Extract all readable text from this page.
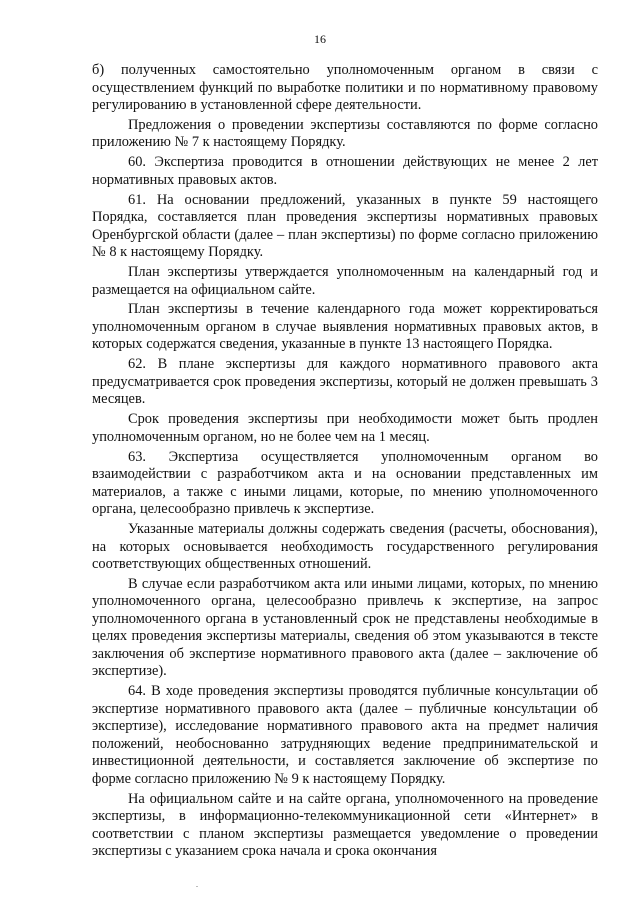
16

б) полученных самостоятельно уполномоченным органом в связи с осуществлением функций по выработке политики и по нормативному правовому регулированию в установленной сфере деятельности.

Предложения о проведении экспертизы составляются по форме согласно приложению № 7 к настоящему Порядку.

60. Экспертиза проводится в отношении действующих не менее 2 лет нормативных правовых актов.

61. На основании предложений, указанных в пункте 59 настоящего Порядка, составляется план проведения экспертизы нормативных правовых Оренбургской области (далее – план экспертизы) по форме согласно приложению № 8 к настоящему Порядку.

План экспертизы утверждается уполномоченным на календарный год и размещается на официальном сайте.

План экспертизы в течение календарного года может корректироваться уполномоченным органом в случае выявления нормативных правовых актов, в которых содержатся сведения, указанные в пункте 13 настоящего Порядка.

62. В плане экспертизы для каждого нормативного правового акта предусматривается срок проведения экспертизы, который не должен превышать 3 месяцев.

Срок проведения экспертизы при необходимости может быть продлен уполномоченным органом, но не более чем на 1 месяц.

63. Экспертиза осуществляется уполномоченным органом во взаимодействии с разработчиком акта и на основании представленных им материалов, а также с иными лицами, которые, по мнению уполномоченного органа, целесообразно привлечь к экспертизе.

Указанные материалы должны содержать сведения (расчеты, обоснования), на которых основывается необходимость государственного регулирования соответствующих общественных отношений.

В случае если разработчиком акта или иными лицами, которых, по мнению уполномоченного органа, целесообразно привлечь к экспертизе, на запрос уполномоченного органа в установленный срок не представлены необходимые в целях проведения экспертизы материалы, сведения об этом указываются в тексте заключения об экспертизе нормативного правового акта (далее – заключение об экспертизе).

64. В ходе проведения экспертизы проводятся публичные консультации об экспертизе нормативного правового акта (далее – публичные консультации об экспертизе), исследование нормативного правового акта на предмет наличия положений, необоснованно затрудняющих ведение предпринимательской и инвестиционной деятельности, и составляется заключение об экспертизе по форме согласно приложению № 9 к настоящему Порядку.

На официальном сайте и на сайте органа, уполномоченного на проведение экспертизы, в информационно-телекоммуникационной сети «Интернет» в соответствии с планом экспертизы размещается уведомление о проведении экспертизы с указанием срока начала и срока окончания
